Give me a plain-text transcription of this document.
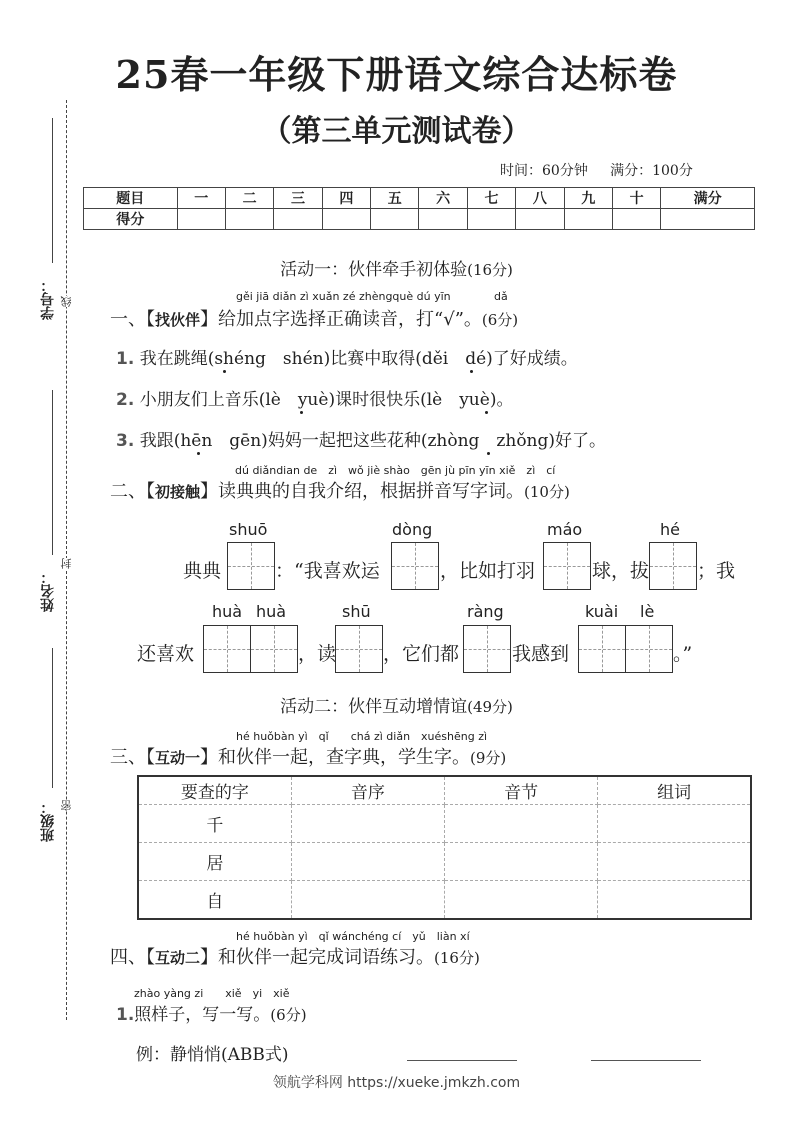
25春一年级下册语文综合达标卷
（第三单元测试卷）
时间：60分钟 满分：100分
题目	一	二	三	四	五	六	七	八	九	十	满分
得分											
学号： 线
姓名：
封
班级： 密
活动一：伙伴牵手初体验(16分)
gěi jiā diǎn zì xuǎn zé zhèngquè dú yīn	dǎ
一、【找伙伴】给加点字选择正确读音，打“√”。(6分)
1. 我在跳绳(shéng　shén)比赛中取得(děi　dé)了好成绩。
2. 小朋友们上音乐(lè　yuè)课时很快乐(lè　yuè)。
3. 我跟(hēn　gēn)妈妈一起把这些花种(zhòng　zhǒng)好了。
dú diǎndian de　zì　wǒ jiè shào　gēn jù pīn yīn xiě　zì　cí
二、【初接触】读典典的自我介绍，根据拼音写字词。(10分)
shuō	dòng	máo	hé
典典	：“我喜欢运	，比如打羽	球，拔	；我
huà huà	shū	ràng	kuài lè
还喜欢	，读 ，它们都	我感到	。”
活动二：伙伴互动增情谊(49分)
hé huǒbàn yì　qǐ　　chá zì diǎn　xuéshēng zì
三、【互动一】和伙伴一起，查字典，学生字。(9分)
要查的字	音序	音节	组词
千			
居			
自			
hé huǒbàn yì　qǐ wánchéng cí　yǔ　liàn xí
四、【互动二】和伙伴一起完成词语练习。(16分)
zhào yàng zi　　xiě　yi　xiě
1.照样子，写一写。(6分)
例：静悄悄(ABB式)
领航学科网 https://xueke.jmkzh.com
